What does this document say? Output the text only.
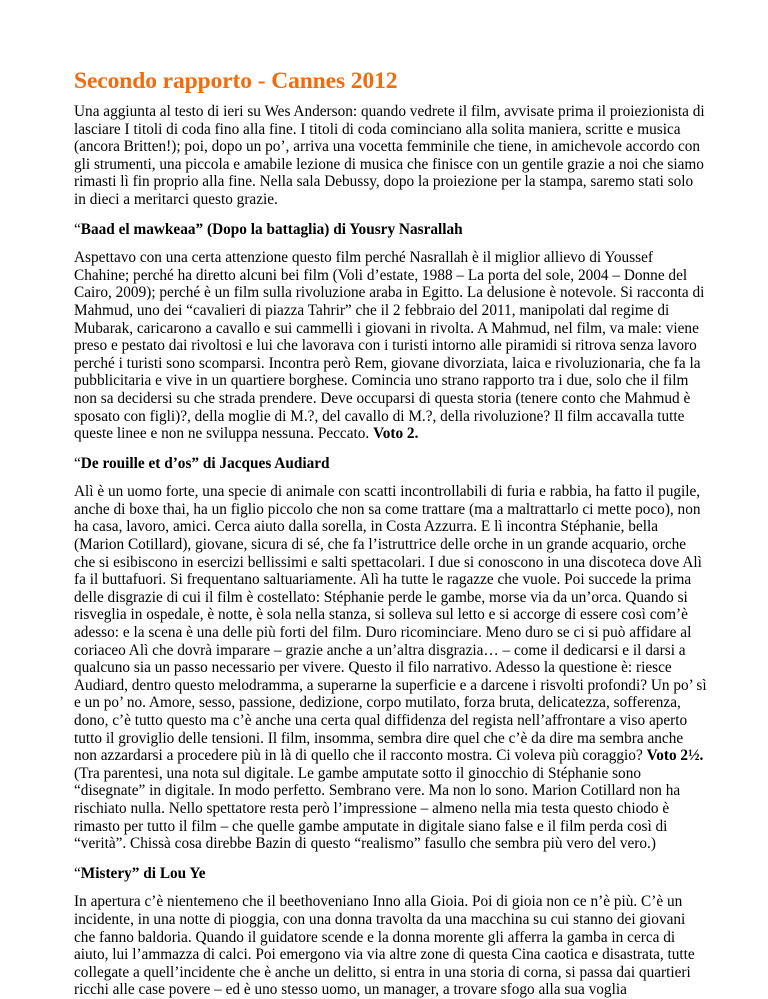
Secondo rapporto - Cannes 2012

Una aggiunta al testo di ieri su Wes Anderson: quando vedrete il film, avvisate prima il proiezionista di lasciare I titoli di coda fino alla fine. I titoli di coda cominciano alla solita maniera, scritte e musica (ancora Britten!); poi, dopo un po’, arriva una vocetta femminile che tiene, in amichevole accordo con gli strumenti, una piccola e amabile lezione di musica che finisce con un gentile grazie a noi che siamo rimasti lì fin proprio alla fine. Nella sala Debussy, dopo la proiezione per la stampa, saremo stati solo in dieci a meritarci questo grazie.

“Baad el mawkeaa” (Dopo la battaglia) di Yousry Nasrallah

Aspettavo con una certa attenzione questo film perché Nasrallah è il miglior allievo di Youssef Chahine; perché ha diretto alcuni bei film (Voli d’estate, 1988 – La porta del sole, 2004 – Donne del Cairo, 2009); perché è un film sulla rivoluzione araba in Egitto. La delusione è notevole. Si racconta di Mahmud, uno dei “cavalieri di piazza Tahrir” che il 2 febbraio del 2011, manipolati dal regime di Mubarak, caricarono a cavallo e sui cammelli i giovani in rivolta. A Mahmud, nel film, va male: viene preso e pestato dai rivoltosi e lui che lavorava con i turisti intorno alle piramidi si ritrova senza lavoro perché i turisti sono scomparsi. Incontra però Rem, giovane divorziata, laica e rivoluzionaria, che fa la pubblicitaria e vive in un quartiere borghese. Comincia uno strano rapporto tra i due, solo che il film non sa decidersi su che strada prendere. Deve occuparsi di questa storia (tenere conto che Mahmud è sposato con figli)?, della moglie di M.?, del cavallo di M.?, della rivoluzione? Il film accavalla tutte queste linee e non ne sviluppa nessuna. Peccato. Voto 2.

“De rouille et d’os” di Jacques Audiard

Alì è un uomo forte, una specie di animale con scatti incontrollabili di furia e rabbia, ha fatto il pugile, anche di boxe thai, ha un figlio piccolo che non sa come trattare (ma a maltrattarlo ci mette poco), non ha casa, lavoro, amici. Cerca aiuto dalla sorella, in Costa Azzurra. E lì incontra Stéphanie, bella (Marion Cotillard), giovane, sicura di sé, che fa l’istruttrice delle orche in un grande acquario, orche che si esibiscono in esercizi bellissimi e salti spettacolari. I due si conoscono in una discoteca dove Alì fa il buttafuori. Si frequentano saltuariamente. Alì ha tutte le ragazze che vuole. Poi succede la prima delle disgrazie di cui il film è costellato: Stéphanie perde le gambe, morse via da un’orca. Quando si risveglia in ospedale, è notte, è sola nella stanza, si solleva sul letto e si accorge di essere così com’è adesso: e la scena è una delle più forti del film. Duro ricominciare. Meno duro se ci si può affidare al coriaceo Alì che dovrà imparare – grazie anche a un’altra disgrazia… – come il dedicarsi e il darsi a qualcuno sia un passo necessario per vivere. Questo il filo narrativo. Adesso la questione è: riesce Audiard, dentro questo melodramma, a superarne la superficie e a darcene i risvolti profondi? Un po’ sì e un po’ no. Amore, sesso, passione, dedizione, corpo mutilato, forza bruta, delicatezza, sofferenza, dono, c’è tutto questo ma c’è anche una certa qual diffidenza del regista nell’affrontare a viso aperto tutto il groviglio delle tensioni. Il film, insomma, sembra dire quel che c’è da dire ma sembra anche non azzardarsi a procedere più in là di quello che il racconto mostra. Ci voleva più coraggio? Voto 2½. (Tra parentesi, una nota sul digitale. Le gambe amputate sotto il ginocchio di Stéphanie sono “disegnate” in digitale. In modo perfetto. Sembrano vere. Ma non lo sono. Marion Cotillard non ha rischiato nulla. Nello spettatore resta però l’impressione – almeno nella mia testa questo chiodo è rimasto per tutto il film – che quelle gambe amputate in digitale siano false e il film perda così di “verità”. Chissà cosa direbbe Bazin di questo “realismo” fasullo che sembra più vero del vero.)

“Mistery” di Lou Ye

In apertura c’è nientemeno che il beethoveniano Inno alla Gioia. Poi di gioia non ce n’è più. C’è un incidente, in una notte di pioggia, con una donna travolta da una macchina su cui stanno dei giovani che fanno baldoria. Quando il guidatore scende e la donna morente gli afferra la gamba in cerca di aiuto, lui l’ammazza di calci. Poi emergono via via altre zone di questa Cina caotica e disastrata, tutte collegate a quell’incidente che è anche un delitto, si entra in una storia di corna, si passa dai quartieri ricchi alle case povere – ed è uno stesso uomo, un manager, a trovare sfogo alla sua voglia
